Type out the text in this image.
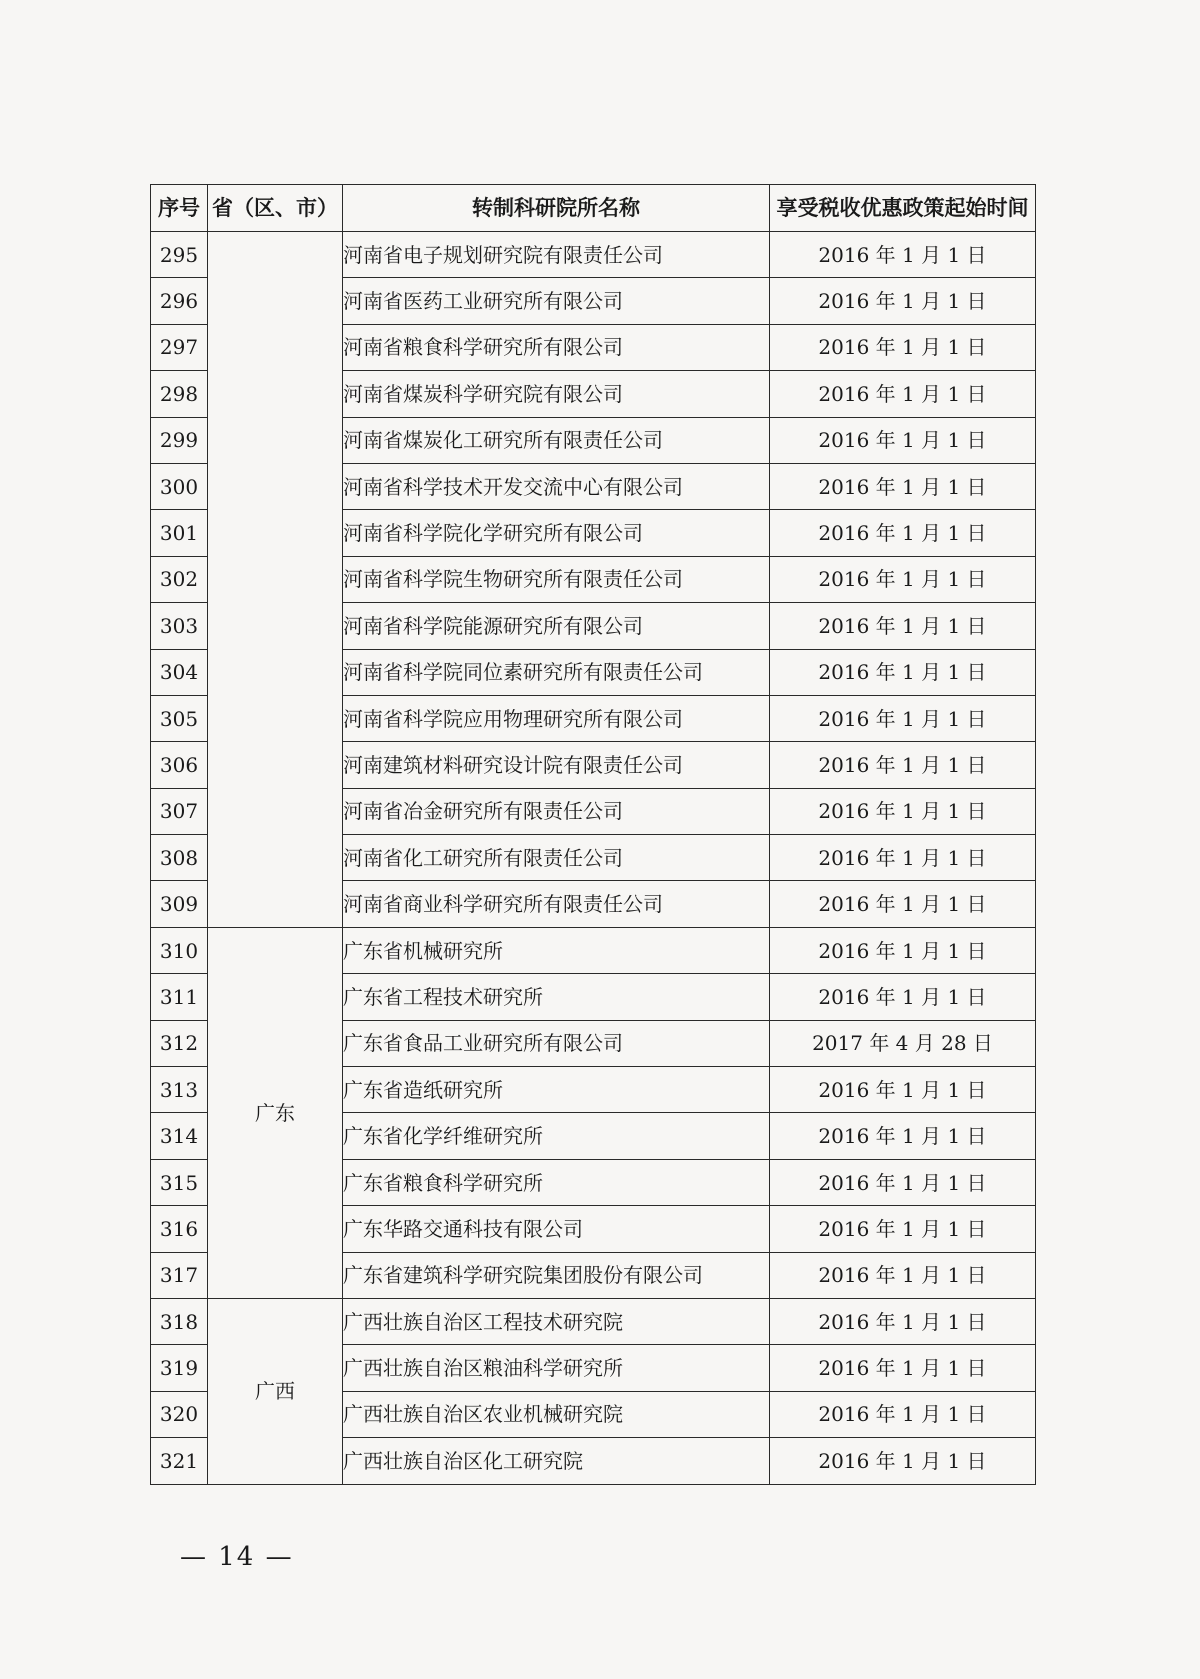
序号	省（区、市）	转制科研院所名称	享受税收优惠政策起始时间
295		河南省电子规划研究院有限责任公司	2016 年 1 月 1 日
296		河南省医药工业研究所有限公司	2016 年 1 月 1 日
297		河南省粮食科学研究所有限公司	2016 年 1 月 1 日
298		河南省煤炭科学研究院有限公司	2016 年 1 月 1 日
299		河南省煤炭化工研究所有限责任公司	2016 年 1 月 1 日
300		河南省科学技术开发交流中心有限公司	2016 年 1 月 1 日
301		河南省科学院化学研究所有限公司	2016 年 1 月 1 日
302		河南省科学院生物研究所有限责任公司	2016 年 1 月 1 日
303		河南省科学院能源研究所有限公司	2016 年 1 月 1 日
304		河南省科学院同位素研究所有限责任公司	2016 年 1 月 1 日
305		河南省科学院应用物理研究所有限公司	2016 年 1 月 1 日
306		河南建筑材料研究设计院有限责任公司	2016 年 1 月 1 日
307		河南省冶金研究所有限责任公司	2016 年 1 月 1 日
308		河南省化工研究所有限责任公司	2016 年 1 月 1 日
309		河南省商业科学研究所有限责任公司	2016 年 1 月 1 日
310	广东	广东省机械研究所	2016 年 1 月 1 日
311		广东省工程技术研究所	2016 年 1 月 1 日
312		广东省食品工业研究所有限公司	2017 年 4 月 28 日
313		广东省造纸研究所	2016 年 1 月 1 日
314		广东省化学纤维研究所	2016 年 1 月 1 日
315		广东省粮食科学研究所	2016 年 1 月 1 日
316		广东华路交通科技有限公司	2016 年 1 月 1 日
317		广东省建筑科学研究院集团股份有限公司	2016 年 1 月 1 日
318	广西	广西壮族自治区工程技术研究院	2016 年 1 月 1 日
319		广西壮族自治区粮油科学研究所	2016 年 1 月 1 日
320		广西壮族自治区农业机械研究院	2016 年 1 月 1 日
321		广西壮族自治区化工研究院	2016 年 1 月 1 日
— 14 —
